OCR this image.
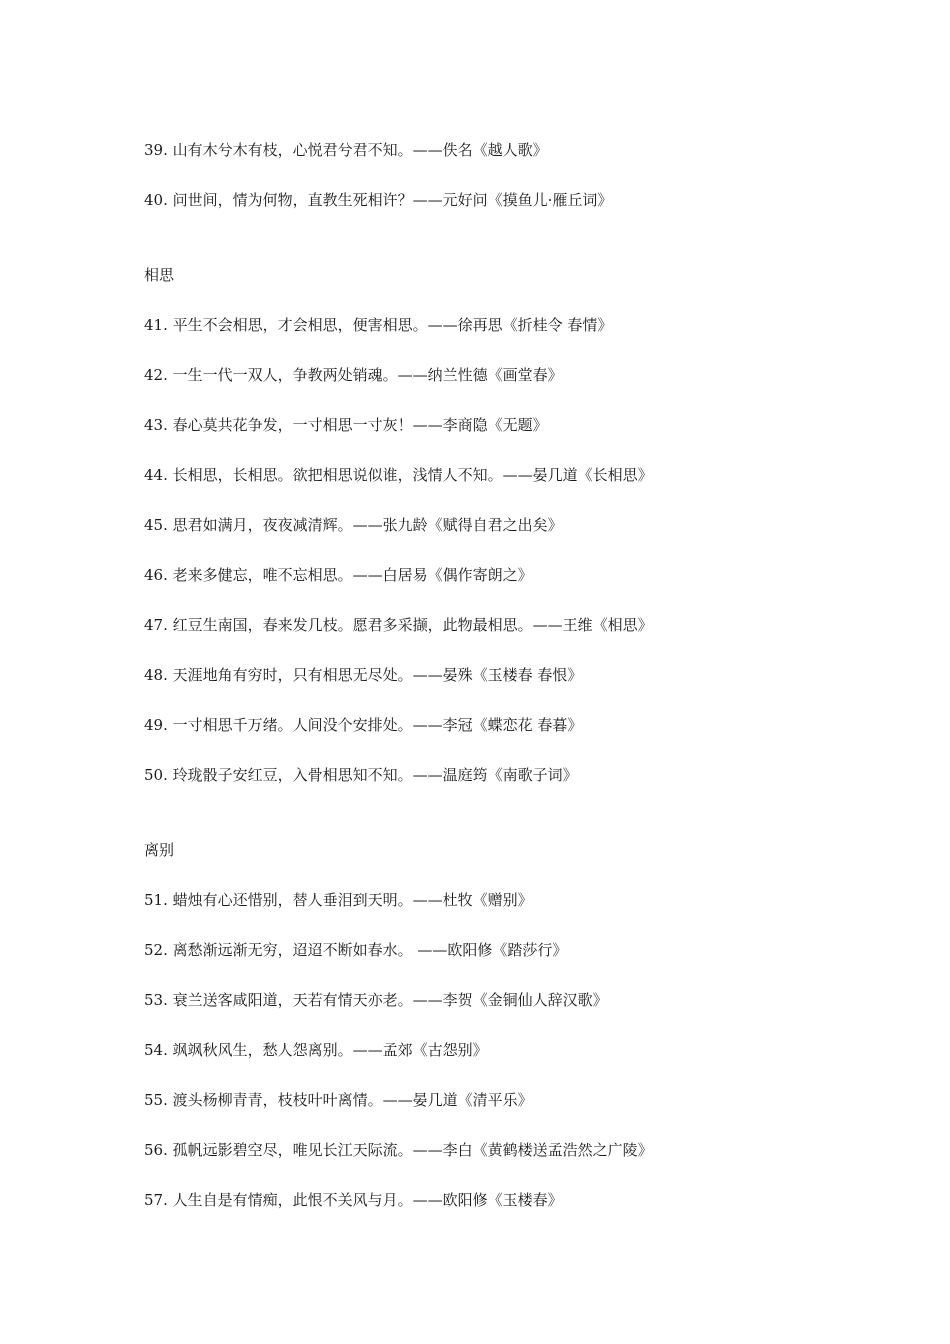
39. 山有木兮木有枝，心悦君兮君不知。——佚名《越人歌》
40. 问世间，情为何物，直教生死相许？——元好问《摸鱼儿·雁丘词》
相思
41. 平生不会相思，才会相思，便害相思。——徐再思《折桂令 春情》
42. 一生一代一双人，争教两处销魂。——纳兰性德《画堂春》
43. 春心莫共花争发，一寸相思一寸灰！——李商隐《无题》
44. 长相思，长相思。欲把相思说似谁，浅情人不知。——晏几道《长相思》
45. 思君如满月，夜夜减清辉。——张九龄《赋得自君之出矣》
46. 老来多健忘，唯不忘相思。——白居易《偶作寄朗之》
47. 红豆生南国，春来发几枝。愿君多采撷，此物最相思。——王维《相思》
48. 天涯地角有穷时，只有相思无尽处。——晏殊《玉楼春 春恨》
49. 一寸相思千万绪。人间没个安排处。——李冠《蝶恋花 春暮》
50. 玲珑骰子安红豆，入骨相思知不知。——温庭筠《南歌子词》
离别
51. 蜡烛有心还惜别，替人垂泪到天明。——杜牧《赠别》
52. 离愁渐远渐无穷，迢迢不断如春水。 ——欧阳修《踏莎行》
53. 衰兰送客咸阳道，天若有情天亦老。——李贺《金铜仙人辞汉歌》
54. 飒飒秋风生，愁人怨离别。——孟郊《古怨别》
55. 渡头杨柳青青，枝枝叶叶离情。——晏几道《清平乐》
56. 孤帆远影碧空尽，唯见长江天际流。——李白《黄鹤楼送孟浩然之广陵》
57. 人生自是有情痴，此恨不关风与月。——欧阳修《玉楼春》
